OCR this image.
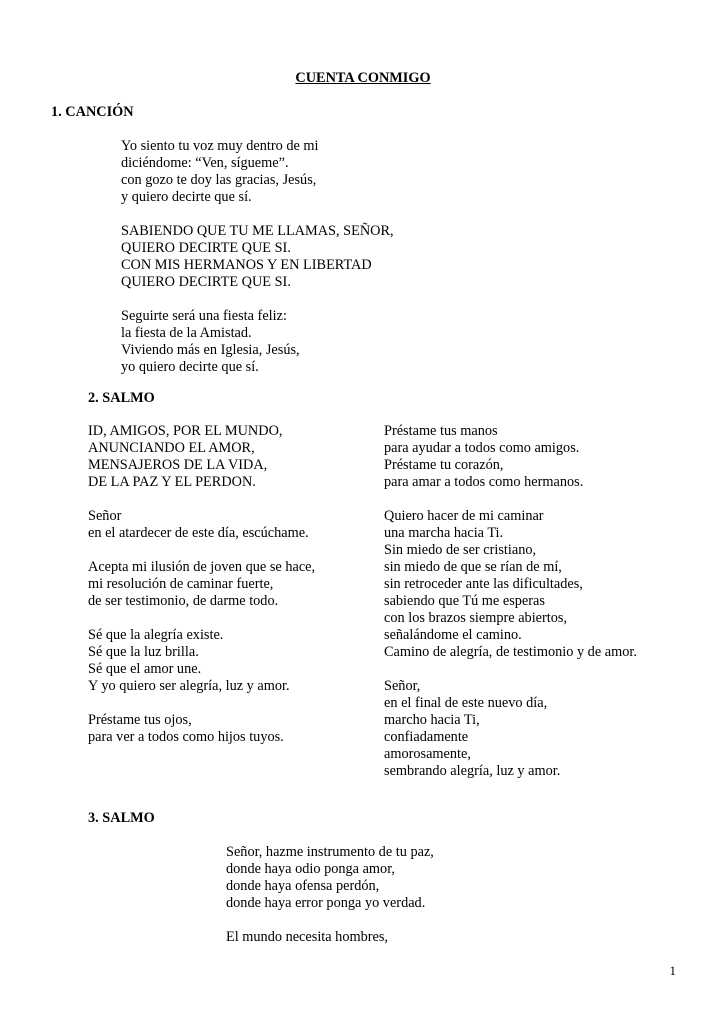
CUENTA CONMIGO
1. CANCIÓN
Yo siento tu voz muy dentro de mi
diciéndome: “Ven, sígueme”.
con gozo te doy las gracias, Jesús,
y quiero decirte que sí.
SABIENDO QUE TU ME LLAMAS, SEÑOR,
QUIERO DECIRTE QUE SI.
CON MIS HERMANOS Y EN LIBERTAD
QUIERO DECIRTE QUE SI.
Seguirte será una fiesta feliz:
la fiesta de la Amistad.
Viviendo más en Iglesia, Jesús,
yo quiero decirte que sí.
2. SALMO
ID, AMIGOS, POR EL MUNDO,
ANUNCIANDO EL AMOR,
MENSAJEROS DE LA VIDA,
DE LA PAZ Y EL PERDON.
Señor
en el atardecer de este día, escúchame.
Acepta mi ilusión de joven que se hace,
mi resolución de caminar fuerte,
de ser testimonio, de darme todo.
Sé que la alegría existe.
Sé que la luz brilla.
Sé que el amor une.
Y yo quiero ser alegría, luz y amor.
Préstame tus ojos,
para ver a todos como hijos tuyos.
Préstame tus manos
para ayudar a todos como amigos.
Préstame tu corazón,
para amar a todos como hermanos.
Quiero hacer de mi caminar
una marcha hacia Ti.
Sin miedo de ser cristiano,
sin miedo de que se rían de mí,
sin retroceder ante las dificultades,
sabiendo que Tú me esperas
con los brazos siempre abiertos,
señalándome el camino.
Camino de alegría, de testimonio y de amor.
Señor,
en el final de este nuevo día,
marcho hacia Ti,
confiadamente
amorosamente,
sembrando alegría, luz y amor.
3. SALMO
Señor, hazme instrumento de tu paz,
donde haya odio ponga amor,
donde haya ofensa perdón,
donde haya error ponga yo verdad.
El mundo necesita hombres,
1
